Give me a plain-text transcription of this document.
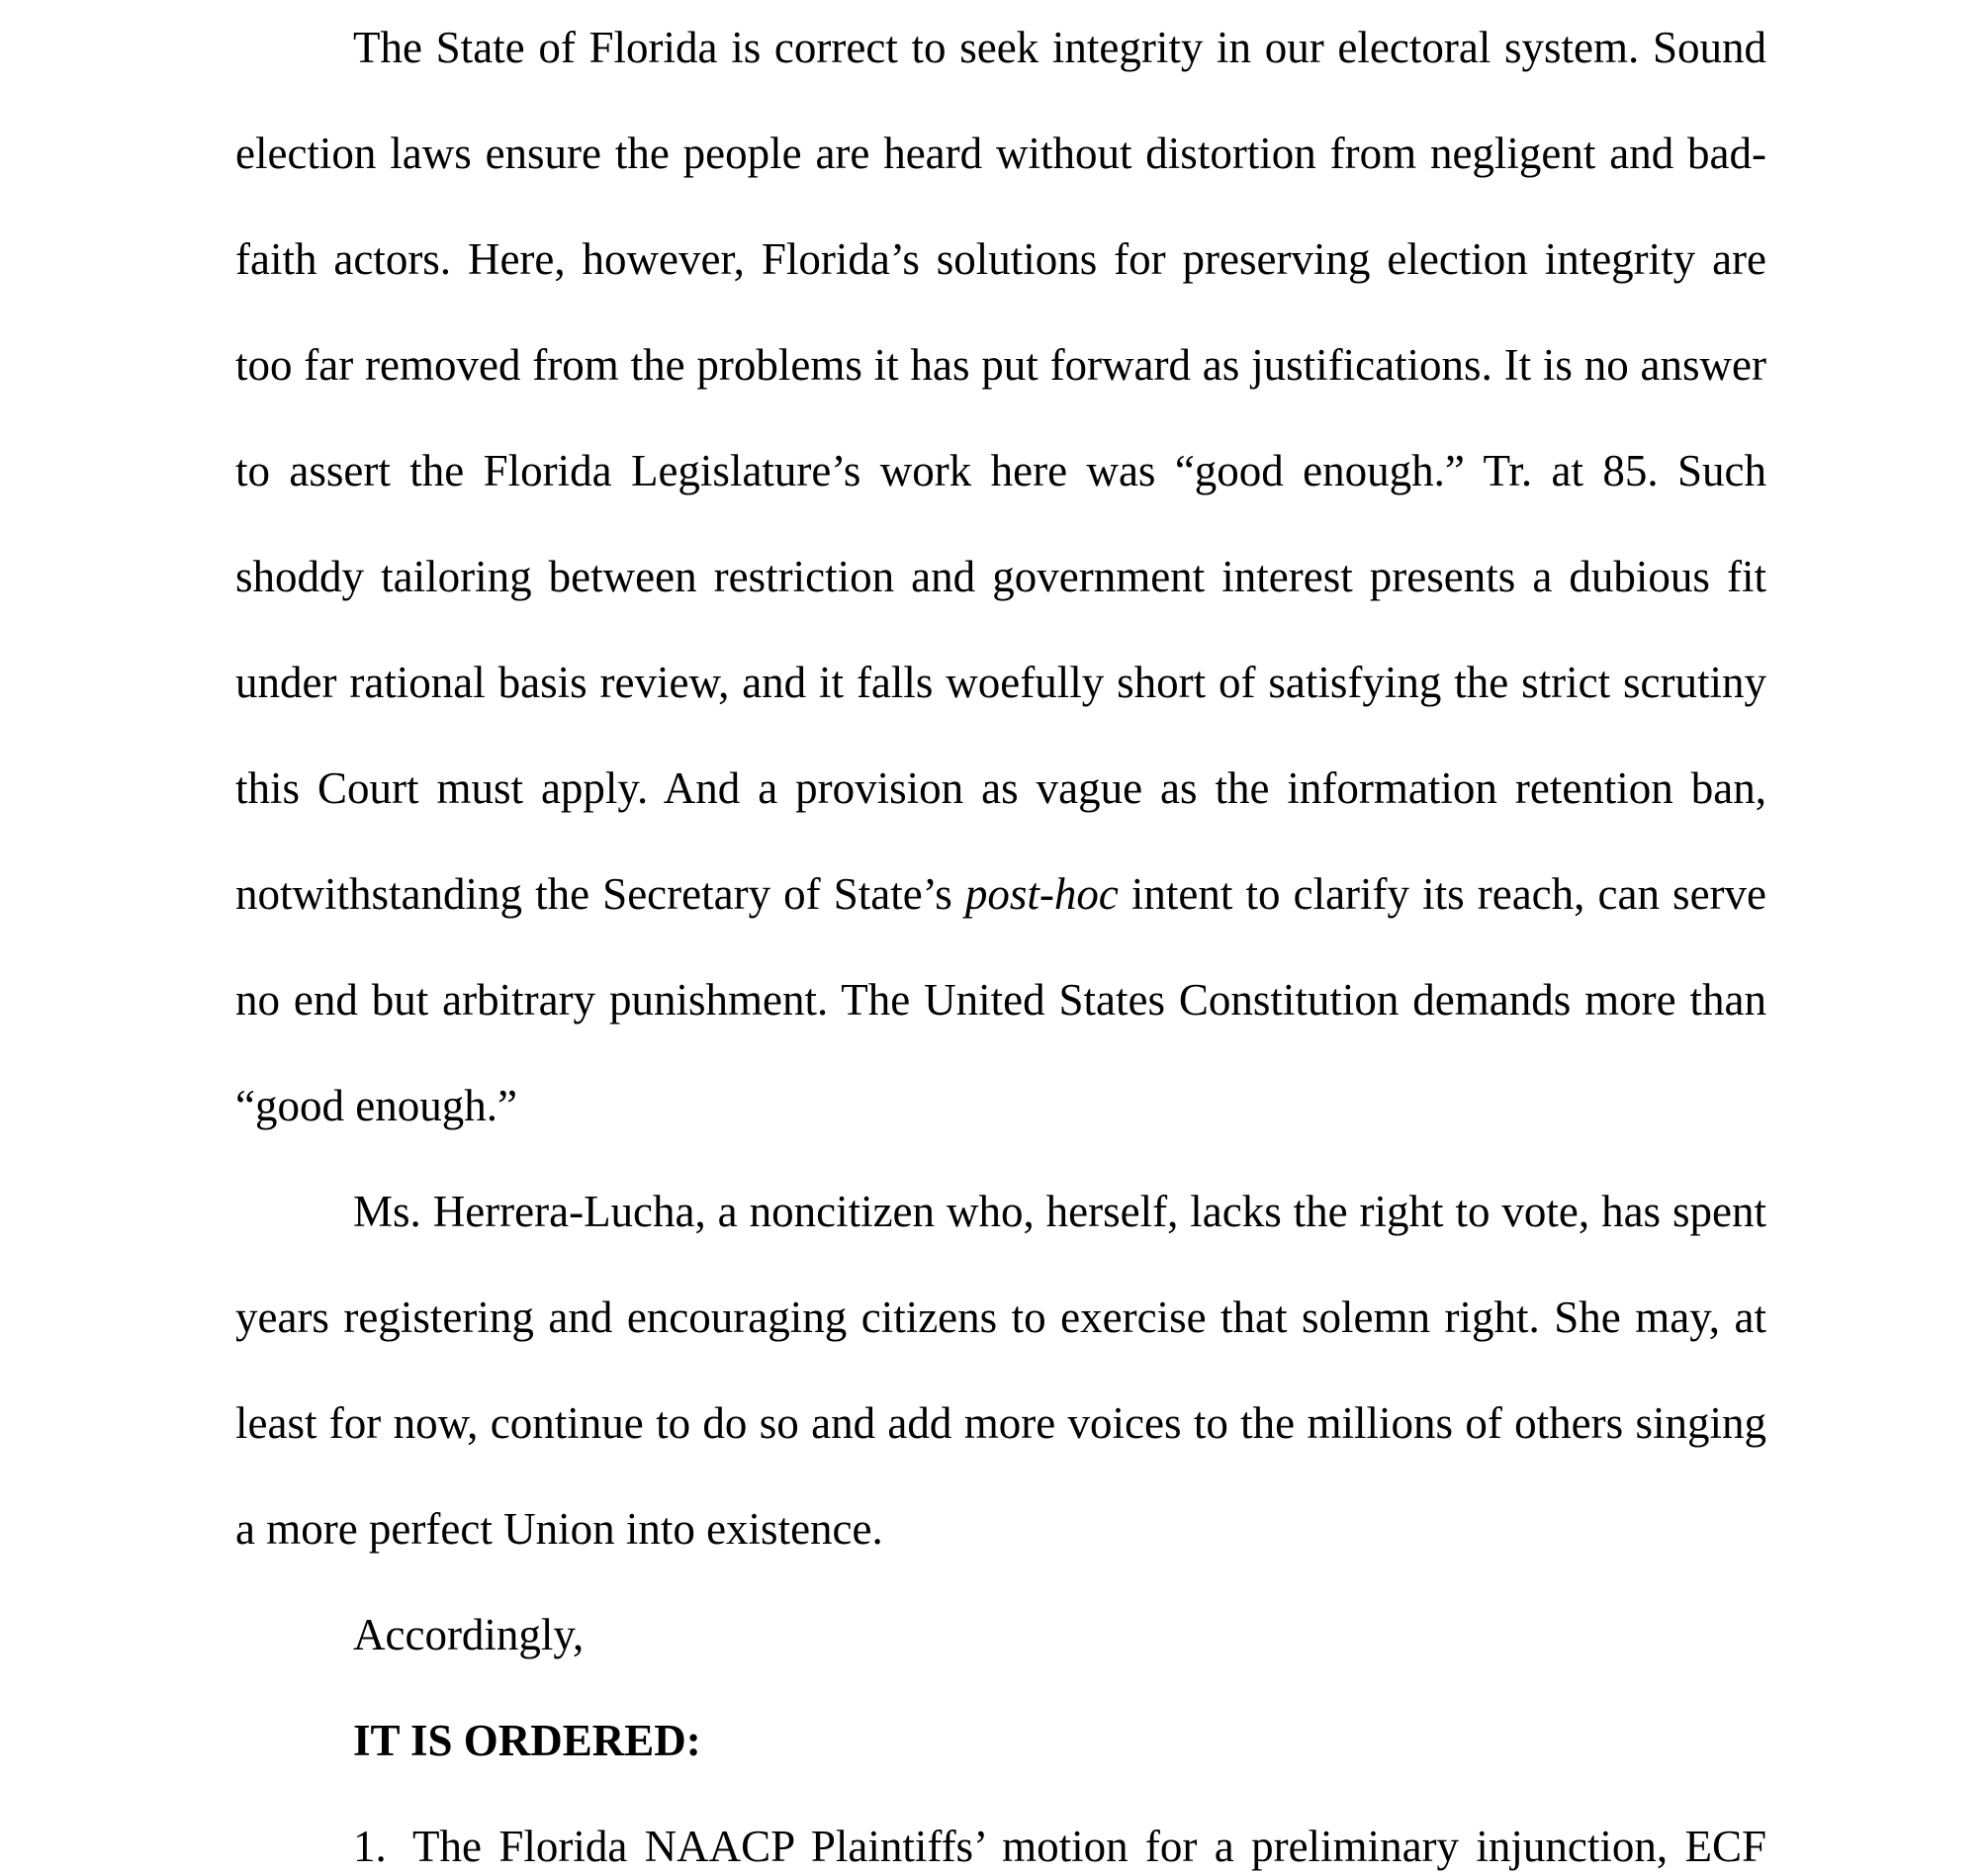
The State of Florida is correct to seek integrity in our electoral system. Sound
election laws ensure the people are heard without distortion from negligent and bad-
faith actors. Here, however, Florida’s solutions for preserving election integrity are
too far removed from the problems it has put forward as justifications. It is no answer
to assert the Florida Legislature’s work here was “good enough.” Tr. at 85. Such
shoddy tailoring between restriction and government interest presents a dubious fit
under rational basis review, and it falls woefully short of satisfying the strict scrutiny
this Court must apply. And a provision as vague as the information retention ban,
notwithstanding the Secretary of State’s post-hoc intent to clarify its reach, can serve
no end but arbitrary punishment. The United States Constitution demands more than
“good enough.”
Ms. Herrera-Lucha, a noncitizen who, herself, lacks the right to vote, has spent
years registering and encouraging citizens to exercise that solemn right. She may, at
least for now, continue to do so and add more voices to the millions of others singing
a more perfect Union into existence.
Accordingly,
IT IS ORDERED:
1. The Florida NAACP Plaintiffs’ motion for a preliminary injunction, ECF
